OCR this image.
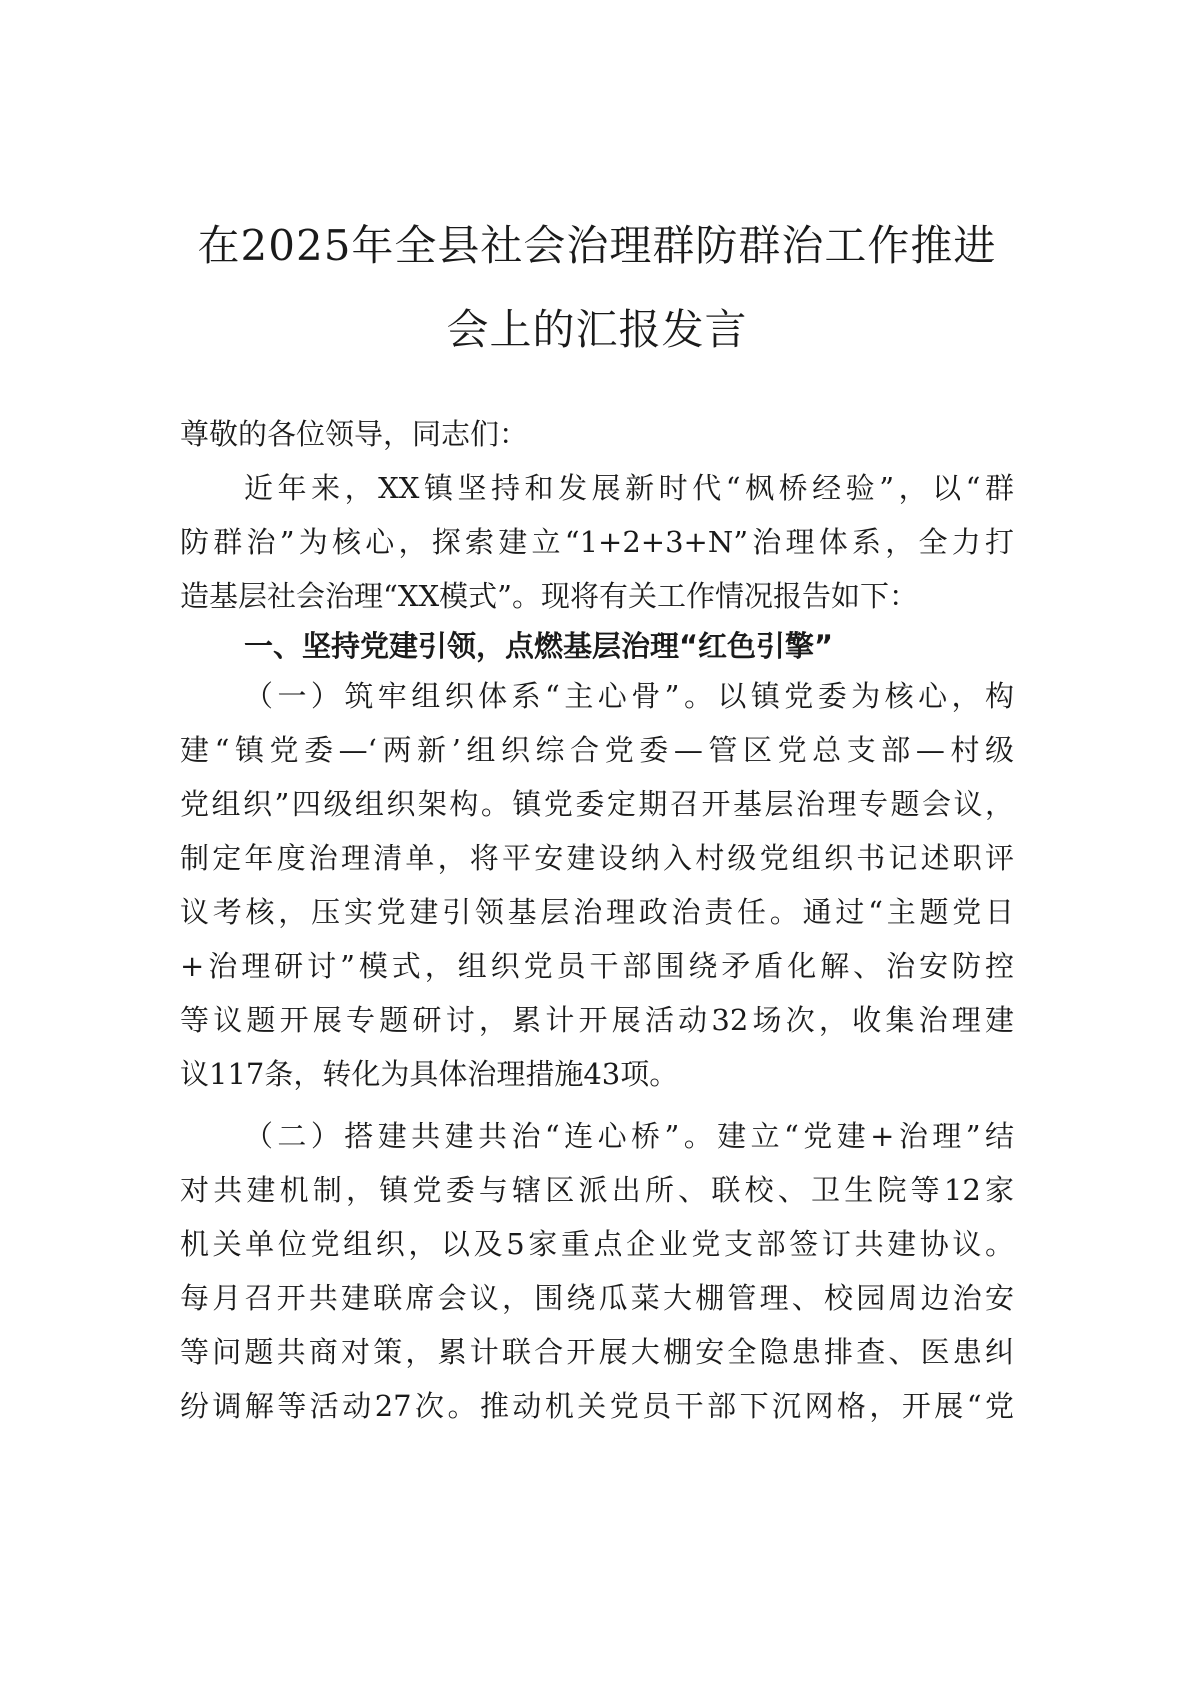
在2025年全县社会治理群防群治工作推进
会上的汇报发言
尊敬的各位领导，同志们：
近年来，XX镇坚持和发展新时代“枫桥经验”，以“群
防群治”为核心，探索建立“1+2+3+N”治理体系，全力打
造基层社会治理“XX模式”。现将有关工作情况报告如下：
一、坚持党建引领，点燃基层治理“红色引擎”
（一）筑牢组织体系“主心骨”。以镇党委为核心，构
建“镇党委—‘两新’组织综合党委—管区党总支部—村级
党组织”四级组织架构。镇党委定期召开基层治理专题会议，
制定年度治理清单，将平安建设纳入村级党组织书记述职评
议考核，压实党建引领基层治理政治责任。通过“主题党日
+治理研讨”模式，组织党员干部围绕矛盾化解、治安防控
等议题开展专题研讨，累计开展活动32场次，收集治理建
议117条，转化为具体治理措施43项。
（二）搭建共建共治“连心桥”。建立“党建+治理”结
对共建机制，镇党委与辖区派出所、联校、卫生院等12家
机关单位党组织，以及5家重点企业党支部签订共建协议。
每月召开共建联席会议，围绕瓜菜大棚管理、校园周边治安
等问题共商对策，累计联合开展大棚安全隐患排查、医患纠
纷调解等活动27次。推动机关党员干部下沉网格，开展“党
